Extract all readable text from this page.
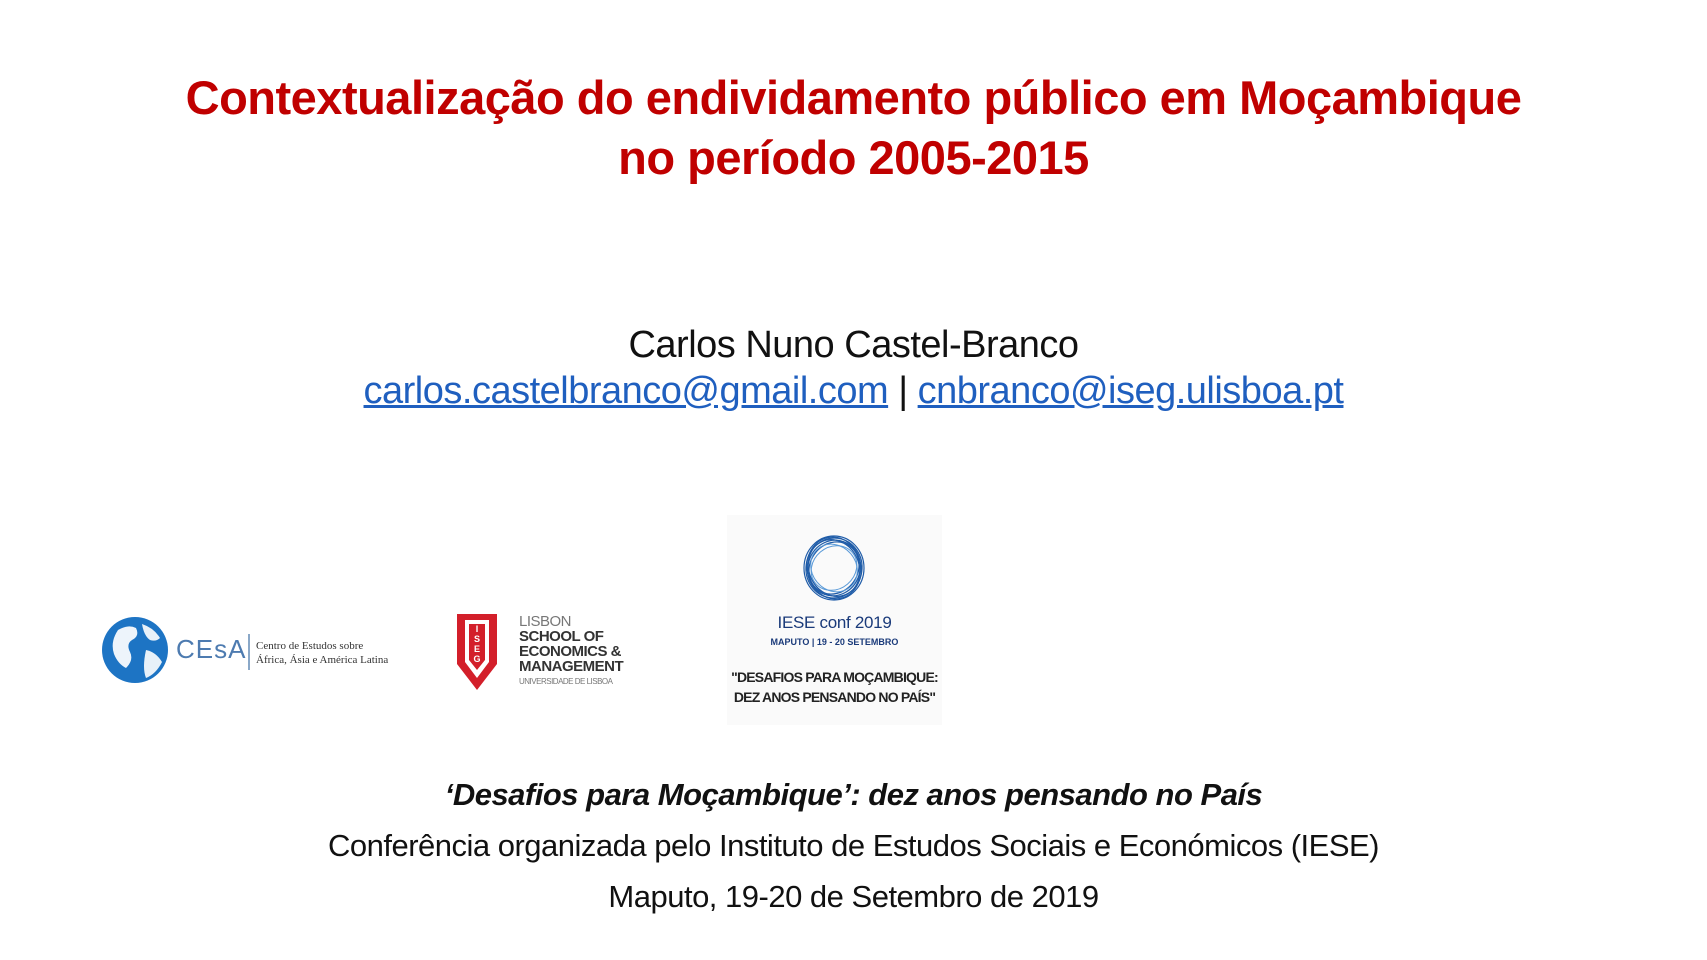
Contextualização do endividamento público em Moçambique
no período 2005-2015
Carlos Nuno Castel-Branco
carlos.castelbranco@gmail.com | cnbranco@iseg.ulisboa.pt
CEsA Centro de Estudos sobre
África, Ásia e América Latina
I
S
E
G
LISBON
SCHOOL OF
ECONOMICS &
MANAGEMENT
UNIVERSIDADE DE LISBOA
IESE conf 2019
MAPUTO | 19 - 20 SETEMBRO
"DESAFIOS PARA MOÇAMBIQUE:
DEZ ANOS PENSANDO NO PAÍS"
‘Desafios para Moçambique’: dez anos pensando no País
Conferência organizada pelo Instituto de Estudos Sociais e Económicos (IESE)
Maputo, 19-20 de Setembro de 2019
